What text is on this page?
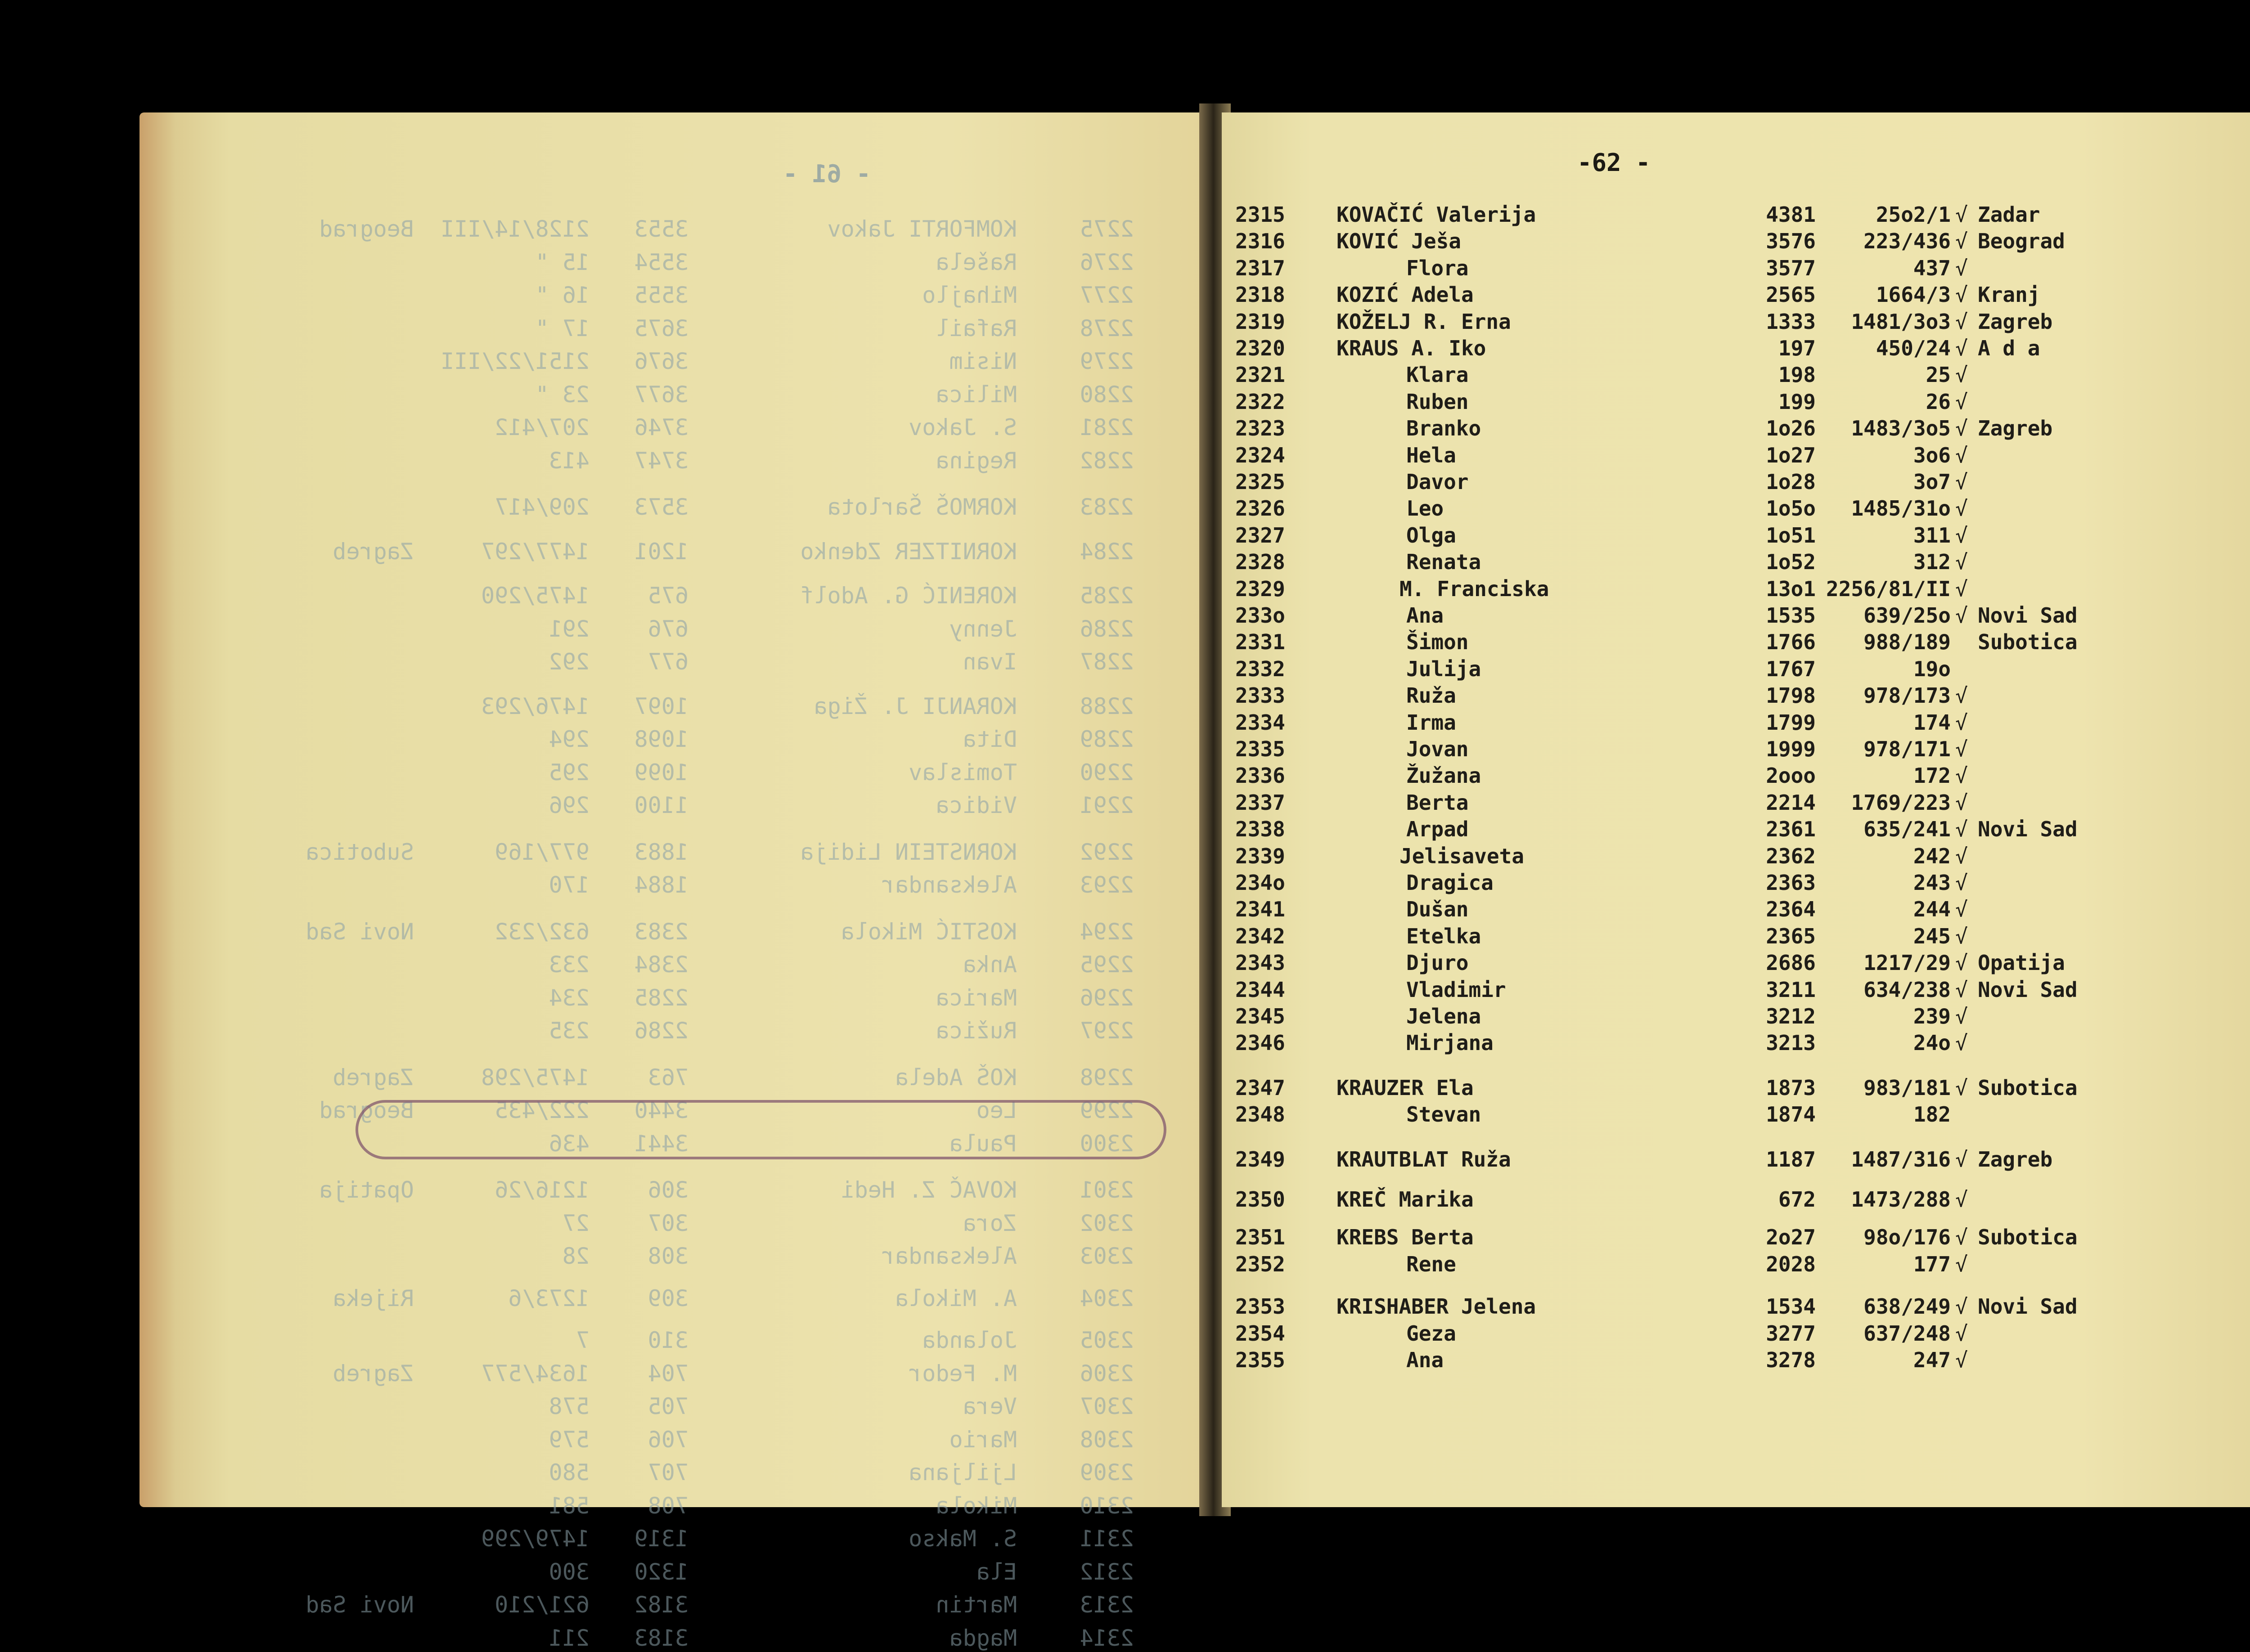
- 61 -
2275
KOMFORTI Jakov
3553
2128/14/III
Beograd
2276
Rašela
3554
15 "
2277
Mihajlo
3555
16 "
2278
Rafail
3675
17 "
2279
Nisim
3676
2151/22/III
2280
Milica
3677
23 "
2281
S. Jakov
3746
207/412
2282
Regina
3747
413
2283
KORMOŠ Šarlota
3573
209/417
2284
KORNITZER Zdenko
1201
1477/297
Zagreb
2285
KORENIĆ G. Adolf
675
1475/290
2286
Jenny
676
291
2287
Ivan
677
292
2288
KORANJI J. Žiga
1097
1476/293
2289
Dita
1098
294
2290
Tomislav
1099
295
2291
Vidica
1100
296
2292
KORNSTEIN Lidija
1883
977/169
Subotica
2293
Aleksandar
1884
170
2294
KOSTIĆ Mikola
2383
632/232
Novi Sad
2295
Anka
2384
233
2296
Marica
2285
234
2297
Ružica
2286
235
2298
KOŠ Adela
763
1475/298
Zagreb
2299
Leo
3440
222/435
Beograd
2300
Paula
3441
436
2301
KOVAČ Z. Hedi
306
1216/26
Opatija
2302
Zora
307
27
2303
Aleksandar
308
28
2304
A. Mikola
309
1273/6
Rijeka
2305
Jolanda
310
7
2306
M. Fedor
704
1634/577
Zagreb
2307
Vera
705
578
2308
Mario
706
579
2309
Ljiljana
707
580
2310
Mikola
708
581
2311
S. Makso
1319
1479/299
2312
Ela
1320
300
2313
Martin
3182
621/210
Novi Sad
2314
Magda
3183
211
-62 -
2315 KOVAČIĆ Valerija	4381	25o2/1 √ Zadar
2316 KOVIĆ Ješa	3576	223/436 √ Beograd
2317	Flora	3577	437 √
2318 KOZIĆ Adela	2565	1664/3 √ Kranj
2319 KOŽELJ R. Erna	1333	1481/3o3 √ Zagreb
2320 KRAUS A. Iko	197	450/24 √ A d a
2321	Klara	198	25 √
2322	Ruben	199	26 √
2323	Branko	1o26	1483/3o5 √ Zagreb
2324	Hela	1o27	3o6 √
2325	Davor	1o28	3o7 √
2326	Leo	1o5o	1485/31o √
2327	Olga	1o51	311 √
2328	Renata	1o52	312 √
2329	M. Franciska	13o1 2256/81/II √
233o	Ana	1535	639/25o √ Novi Sad
2331	Šimon	1766	988/189 Subotica
2332	Julija	1767	19o
2333	Ruža	1798	978/173 √
2334	Irma	1799	174 √
2335	Jovan	1999	978/171 √
2336	Žužana	2ooo	172 √
2337	Berta	2214	1769/223 √
2338	Arpad	2361	635/241 √ Novi Sad
2339	Jelisaveta	2362	242 √
234o	Dragica	2363	243 √
2341	Dušan	2364	244 √
2342	Etelka	2365	245 √
2343	Djuro	2686	1217/29 √ Opatija
2344	Vladimir	3211	634/238 √ Novi Sad
2345	Jelena	3212	239 √
2346	Mirjana	3213	24o √
2347 KRAUZER Ela	1873	983/181 √ Subotica
2348	Stevan	1874	182
2349 KRAUTBLAT Ruža	1187	1487/316 √ Zagreb
2350 KREČ Marika	672	1473/288 √
2351 KREBS Berta	2o27	98o/176 √ Subotica
2352	Rene	2028	177 √
2353 KRISHABER Jelena	1534	638/249 √ Novi Sad
2354	Geza	3277	637/248 √
2355	Ana	3278	247 √
